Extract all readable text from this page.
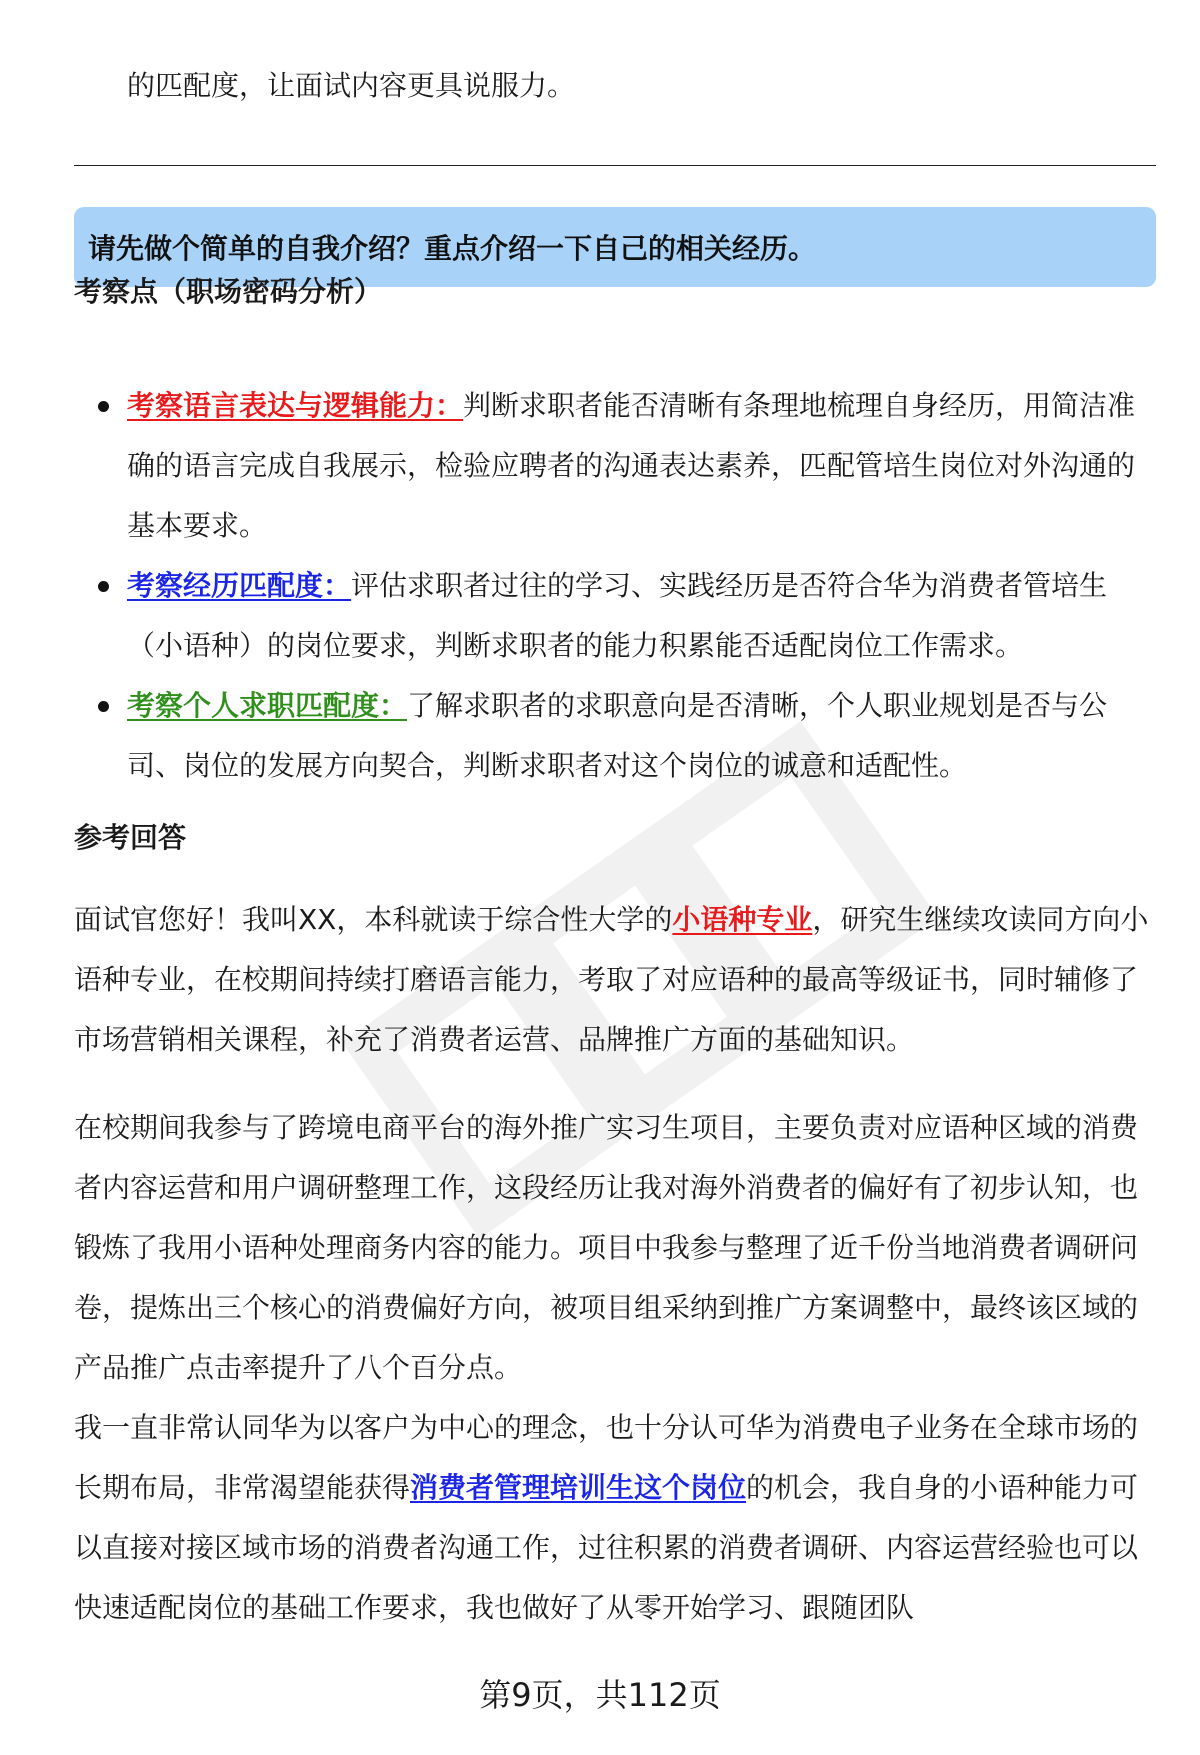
的匹配度，让面试内容更具说服力。
请先做个简单的自我介绍？重点介绍一下自己的相关经历。
考察点（职场密码分析）
考察语言表达与逻辑能力：判断求职者能否清晰有条理地梳理自身经历，用简洁准确的语言完成自我展示，检验应聘者的沟通表达素养，匹配管培生岗位对外沟通的基本要求。
考察经历匹配度：评估求职者过往的学习、实践经历是否符合华为消费者管培生（小语种）的岗位要求，判断求职者的能力积累能否适配岗位工作需求。
考察个人求职匹配度：了解求职者的求职意向是否清晰，个人职业规划是否与公司、岗位的发展方向契合，判断求职者对这个岗位的诚意和适配性。
参考回答

面试官您好！我叫XX，本科就读于综合性大学的小语种专业，研究生继续攻读同方向小语种专业，在校期间持续打磨语言能力，考取了对应语种的最高等级证书，同时辅修了市场营销相关课程，补充了消费者运营、品牌推广方面的基础知识。

在校期间我参与了跨境电商平台的海外推广实习生项目，主要负责对应语种区域的消费者内容运营和用户调研整理工作，这段经历让我对海外消费者的偏好有了初步认知，也锻炼了我用小语种处理商务内容的能力。项目中我参与整理了近千份当地消费者调研问卷，提炼出三个核心的消费偏好方向，被项目组采纳到推广方案调整中，最终该区域的产品推广点击率提升了八个百分点。

我一直非常认同华为以客户为中心的理念，也十分认可华为消费电子业务在全球市场的长期布局，非常渴望能获得消费者管理培训生这个岗位的机会，我自身的小语种能力可以直接对接区域市场的消费者沟通工作，过往积累的消费者调研、内容运营经验也可以快速适配岗位的基础工作要求，我也做好了从零开始学习、跟随团队

第9页，共112页
